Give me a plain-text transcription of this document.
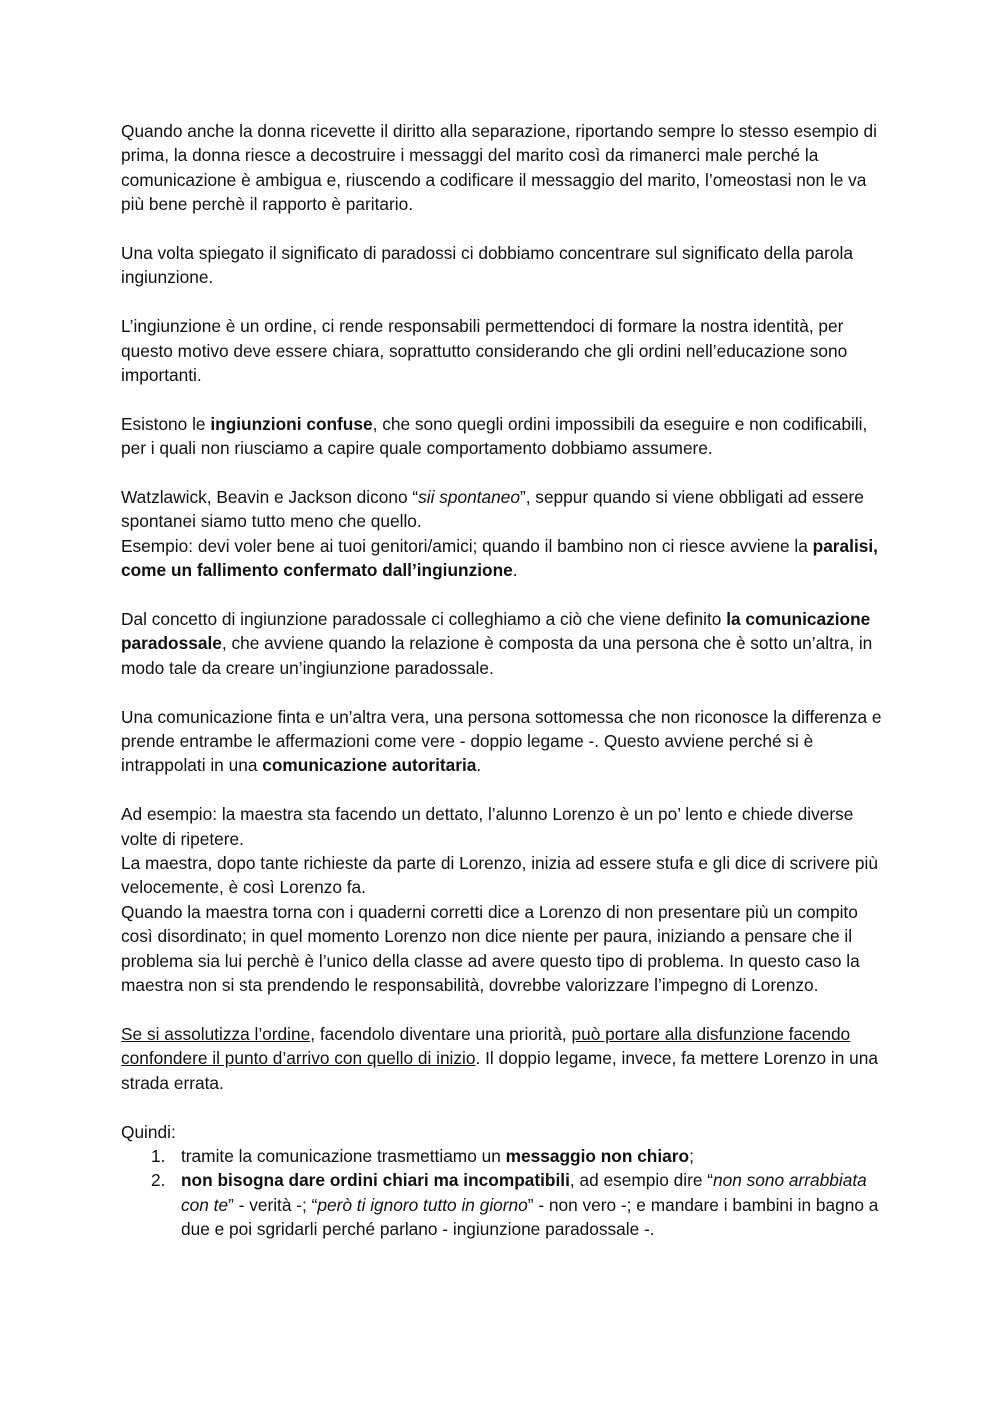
Quando anche la donna ricevette il diritto alla separazione, riportando sempre lo stesso esempio di prima, la donna riesce a decostruire i messaggi del marito così da rimanerci male perché la comunicazione è ambigua e, riuscendo a codificare il messaggio del marito, l’omeostasi non le va più bene perchè il rapporto è paritario.

Una volta spiegato il significato di paradossi ci dobbiamo concentrare sul significato della parola ingiunzione.

L’ingiunzione è un ordine, ci rende responsabili permettendoci di formare la nostra identità, per questo motivo deve essere chiara, soprattutto considerando che gli ordini nell’educazione sono importanti.

Esistono le ingiunzioni confuse, che sono quegli ordini impossibili da eseguire e non codificabili, per i quali non riusciamo a capire quale comportamento dobbiamo assumere.

Watzlawick, Beavin e Jackson dicono “sii spontaneo”, seppur quando si viene obbligati ad essere spontanei siamo tutto meno che quello.
Esempio: devi voler bene ai tuoi genitori/amici; quando il bambino non ci riesce avviene la paralisi, come un fallimento confermato dall’ingiunzione.

Dal concetto di ingiunzione paradossale ci colleghiamo a ciò che viene definito la comunicazione paradossale, che avviene quando la relazione è composta da una persona che è sotto un’altra, in modo tale da creare un’ingiunzione paradossale.

Una comunicazione finta e un’altra vera, una persona sottomessa che non riconosce la differenza e prende entrambe le affermazioni come vere - doppio legame -. Questo avviene perché si è intrappolati in una comunicazione autoritaria.

Ad esempio: la maestra sta facendo un dettato, l’alunno Lorenzo è un po’ lento e chiede diverse volte di ripetere.
La maestra, dopo tante richieste da parte di Lorenzo, inizia ad essere stufa e gli dice di scrivere più velocemente, è così Lorenzo fa.
Quando la maestra torna con i quaderni corretti dice a Lorenzo di non presentare più un compito così disordinato; in quel momento Lorenzo non dice niente per paura, iniziando a pensare che il problema sia lui perchè è l’unico della classe ad avere questo tipo di problema. In questo caso la maestra non si sta prendendo le responsabilità, dovrebbe valorizzare l’impegno di Lorenzo.

Se si assolutizza l’ordine, facendolo diventare una priorità, può portare alla disfunzione facendo confondere il punto d’arrivo con quello di inizio. Il doppio legame, invece, fa mettere Lorenzo in una strada errata.

Quindi:

1. tramite la comunicazione trasmettiamo un messaggio non chiaro;
2. non bisogna dare ordini chiari ma incompatibili, ad esempio dire “non sono arrabbiata con te” - verità -; “però ti ignoro tutto in giorno” - non vero -; e mandare i bambini in bagno a due e poi sgridarli perché parlano - ingiunzione paradossale -.
